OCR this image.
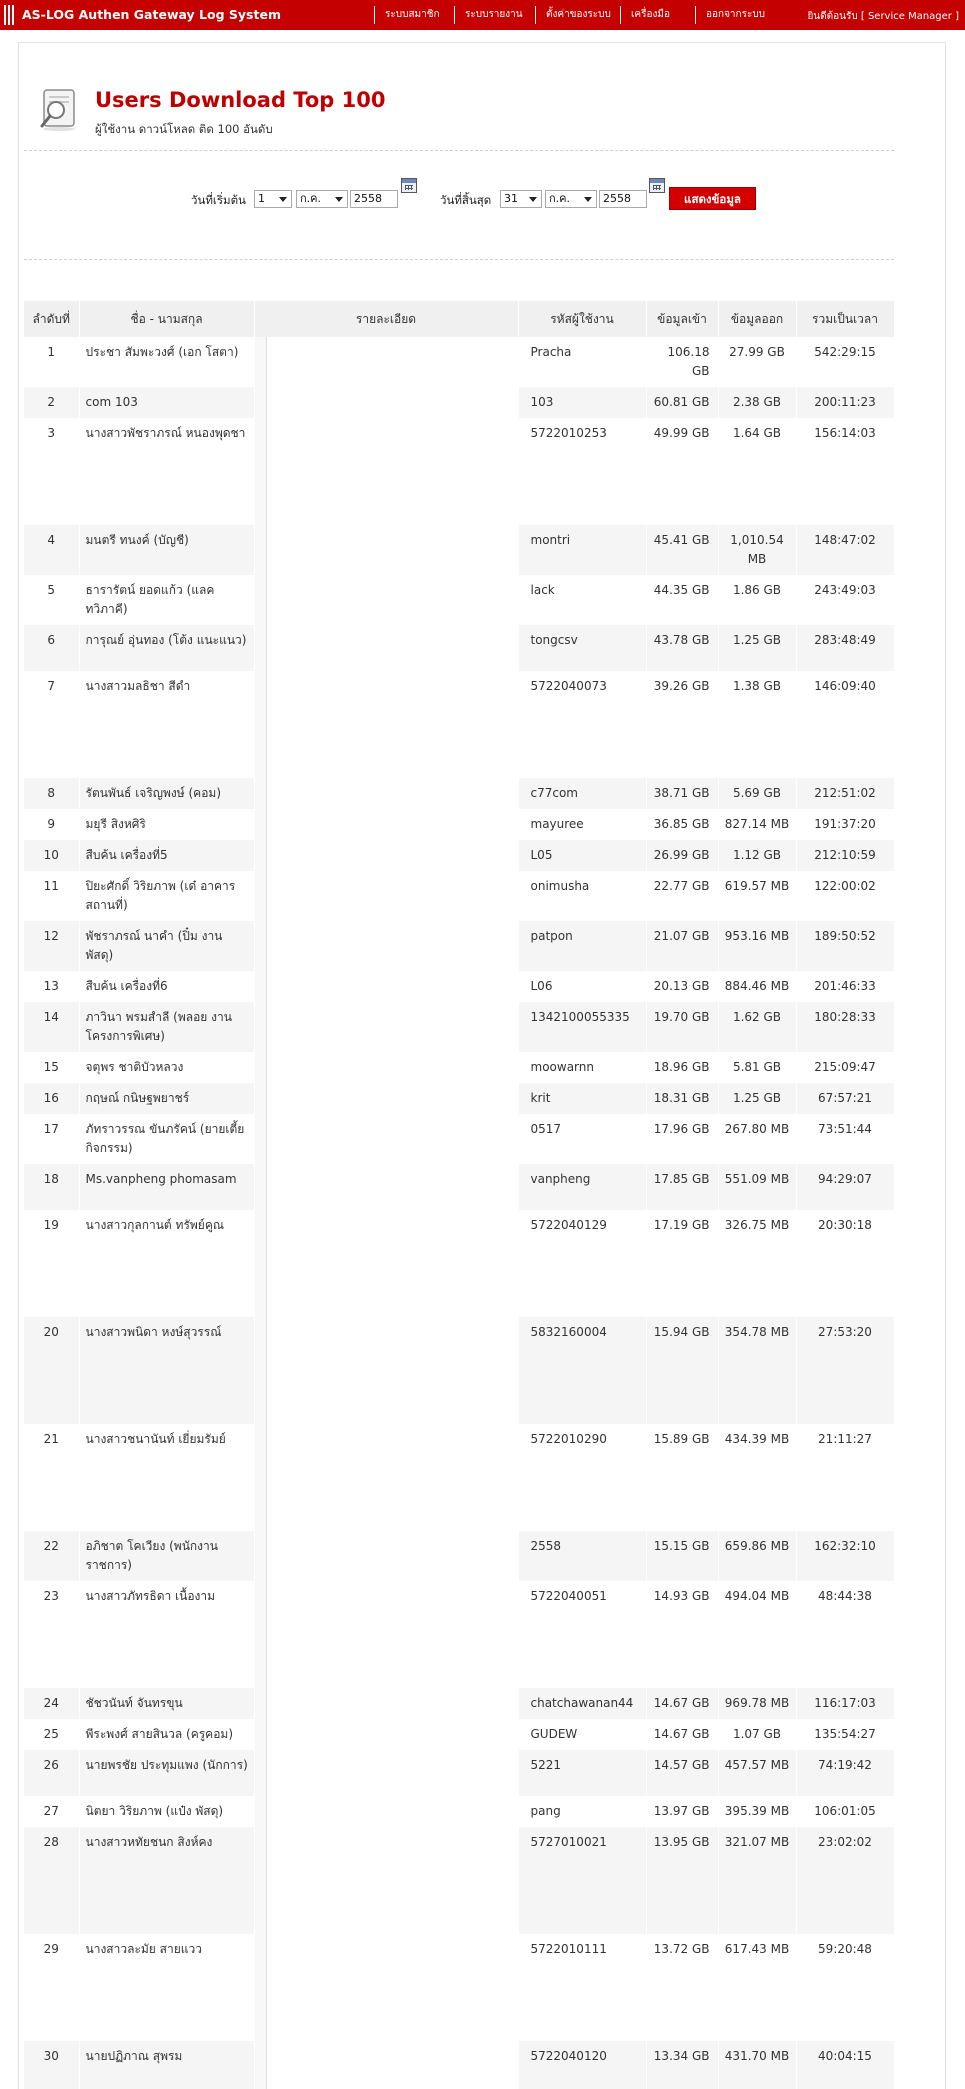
AS-LOG Authen Gateway Log System	ระบบสมาชิก	ระบบรายงาน	ตั้งค่าของระบบ	เครื่องมือ	ออกจากระบบ	ยินดีต้อนรับ [ Service Manager ]
Users Download Top 100
ผู้ใช้งาน ดาวน์โหลด ติด 100 อันดับ
วันที่เริ่มต้น	1	ก.ค.	2558	วันที่สิ้นสุด	31	ก.ค.	2558	แสดงข้อมูล
ลำดับที่	ชื่อ - นามสกุล	รายละเอียด	รหัสผู้ใช้งาน	ข้อมูลเข้า	ข้อมูลออก	รวมเป็นเวลา
1	ประชา สัมพะวงศ์ (เอก โสตา)		Pracha	106.18 GB	27.99 GB	542:29:15
2	com 103		103	60.81 GB	2.38 GB	200:11:23
3	นางสาวพัชราภรณ์ หนองพุดชา		5722010253	49.99 GB	1.64 GB	156:14:03
4	มนตรี ทนงค์ (บัญชี)		montri	45.41 GB	1,010.54 MB	148:47:02
5	ธารารัตน์ ยอดแก้ว (แลค ทวิภาคี)		lack	44.35 GB	1.86 GB	243:49:03
6	การุณย์ อุ่นทอง (โต้ง แนะแนว)		tongcsv	43.78 GB	1.25 GB	283:48:49
7	นางสาวมลธิชา สีดำ		5722040073	39.26 GB	1.38 GB	146:09:40
8	รัตนพันธ์ เจริญพงษ์ (คอม)		c77com	38.71 GB	5.69 GB	212:51:02
9	มยุรี สิงหศิริ		mayuree	36.85 GB	827.14 MB	191:37:20
10	สืบค้น เครื่องที่5		L05	26.99 GB	1.12 GB	212:10:59
11	ปิยะศักดิ์ วิริยภาพ (เด๋ อาคารสถานที่)		onimusha	22.77 GB	619.57 MB	122:00:02
12	พัชราภรณ์ นาคำ (ปิ๋ม งานพัสดุ)		patpon	21.07 GB	953.16 MB	189:50:52
13	สืบค้น เครื่องที่6		L06	20.13 GB	884.46 MB	201:46:33
14	ภาวินา พรมสำลี (พลอย งานโครงการพิเศษ)		1342100055335	19.70 GB	1.62 GB	180:28:33
15	จตุพร ชาติบัวหลวง		moowarnn	18.96 GB	5.81 GB	215:09:47
16	กฤษณ์ กนิษฐพยาชร์		krit	18.31 GB	1.25 GB	67:57:21
17	ภัทราวรรณ ขันภรัคน์ (ยายเตี้ย กิจกรรม)		0517	17.96 GB	267.80 MB	73:51:44
18	Ms.vanpheng phomasam		vanpheng	17.85 GB	551.09 MB	94:29:07
19	นางสาวกุลกานต์ ทรัพย์คูณ		5722040129	17.19 GB	326.75 MB	20:30:18
20	นางสาวพนิดา หงษ์สุวรรณ์		5832160004	15.94 GB	354.78 MB	27:53:20
21	นางสาวชนานันท์ เยี่ยมรัมย์		5722010290	15.89 GB	434.39 MB	21:11:27
22	อภิชาต โคเวียง (พนักงานราชการ)		2558	15.15 GB	659.86 MB	162:32:10
23	นางสาวภัทรธิดา เนื้องาม		5722040051	14.93 GB	494.04 MB	48:44:38
24	ชัชวนันท์ จันทรขุน		chatchawanan44	14.67 GB	969.78 MB	116:17:03
25	พีระพงศ์ สายสินวล (ครูคอม)		GUDEW	14.67 GB	1.07 GB	135:54:27
26	นายพรชัย ประทุมแพง (นักการ)		5221	14.57 GB	457.57 MB	74:19:42
27	นิตยา วิริยภาพ (แป๋ง พัสดุ)		pang	13.97 GB	395.39 MB	106:01:05
28	นางสาวหทัยชนก สิงห์คง		5727010021	13.95 GB	321.07 MB	23:02:02
29	นางสาวละมัย สายแวว		5722010111	13.72 GB	617.43 MB	59:20:48
30	นายปฏิภาณ สุพรม		5722040120	13.34 GB	431.70 MB	40:04:15
